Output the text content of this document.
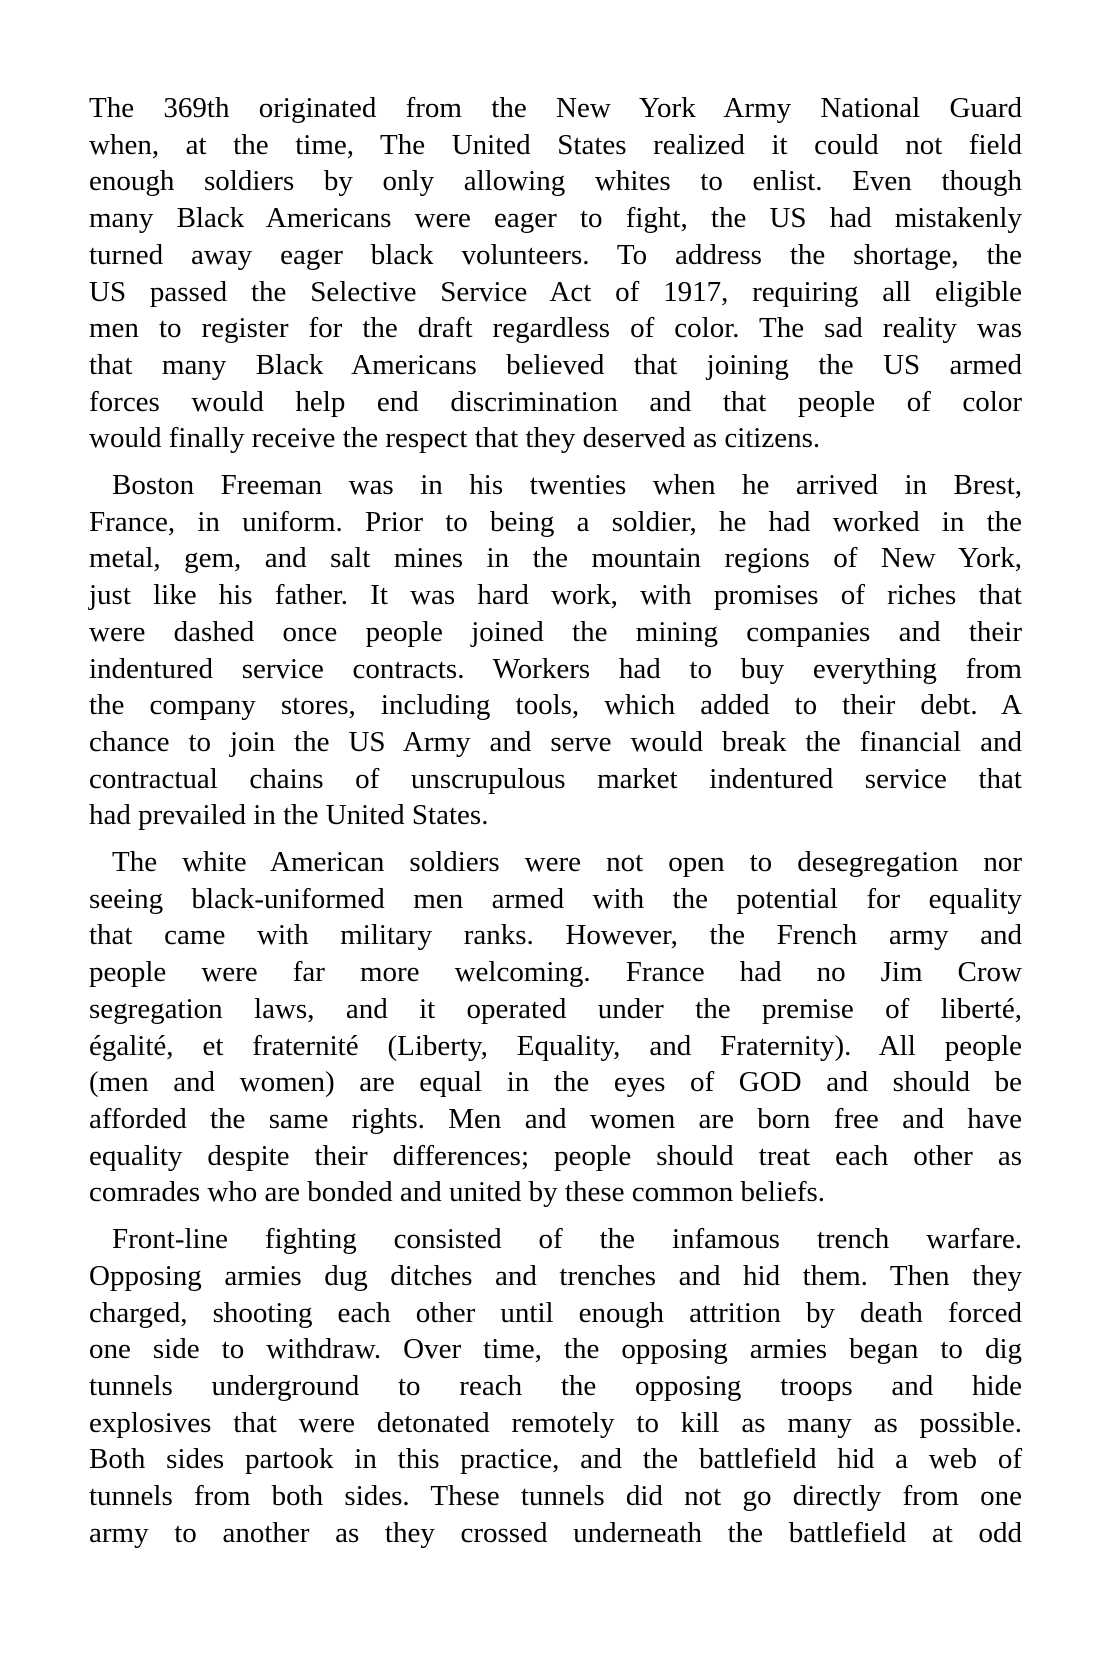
The 369th originated from the New York Army National Guard
when, at the time, The United States realized it could not field
enough soldiers by only allowing whites to enlist. Even though
many Black Americans were eager to fight, the US had mistakenly
turned away eager black volunteers. To address the shortage, the
US passed the Selective Service Act of 1917, requiring all eligible
men to register for the draft regardless of color. The sad reality was
that many Black Americans believed that joining the US armed
forces would help end discrimination and that people of color
would finally receive the respect that they deserved as citizens.
Boston Freeman was in his twenties when he arrived in Brest,
France, in uniform. Prior to being a soldier, he had worked in the
metal, gem, and salt mines in the mountain regions of New York,
just like his father. It was hard work, with promises of riches that
were dashed once people joined the mining companies and their
indentured service contracts. Workers had to buy everything from
the company stores, including tools, which added to their debt. A
chance to join the US Army and serve would break the financial and
contractual chains of unscrupulous market indentured service that
had prevailed in the United States.
The white American soldiers were not open to desegregation nor
seeing black-uniformed men armed with the potential for equality
that came with military ranks. However, the French army and
people were far more welcoming. France had no Jim Crow
segregation laws, and it operated under the premise of liberté,
égalité, et fraternité (Liberty, Equality, and Fraternity). All people
(men and women) are equal in the eyes of GOD and should be
afforded the same rights. Men and women are born free and have
equality despite their differences; people should treat each other as
comrades who are bonded and united by these common beliefs.
Front-line fighting consisted of the infamous trench warfare.
Opposing armies dug ditches and trenches and hid them. Then they
charged, shooting each other until enough attrition by death forced
one side to withdraw. Over time, the opposing armies began to dig
tunnels underground to reach the opposing troops and hide
explosives that were detonated remotely to kill as many as possible.
Both sides partook in this practice, and the battlefield hid a web of
tunnels from both sides. These tunnels did not go directly from one
army to another as they crossed underneath the battlefield at odd
